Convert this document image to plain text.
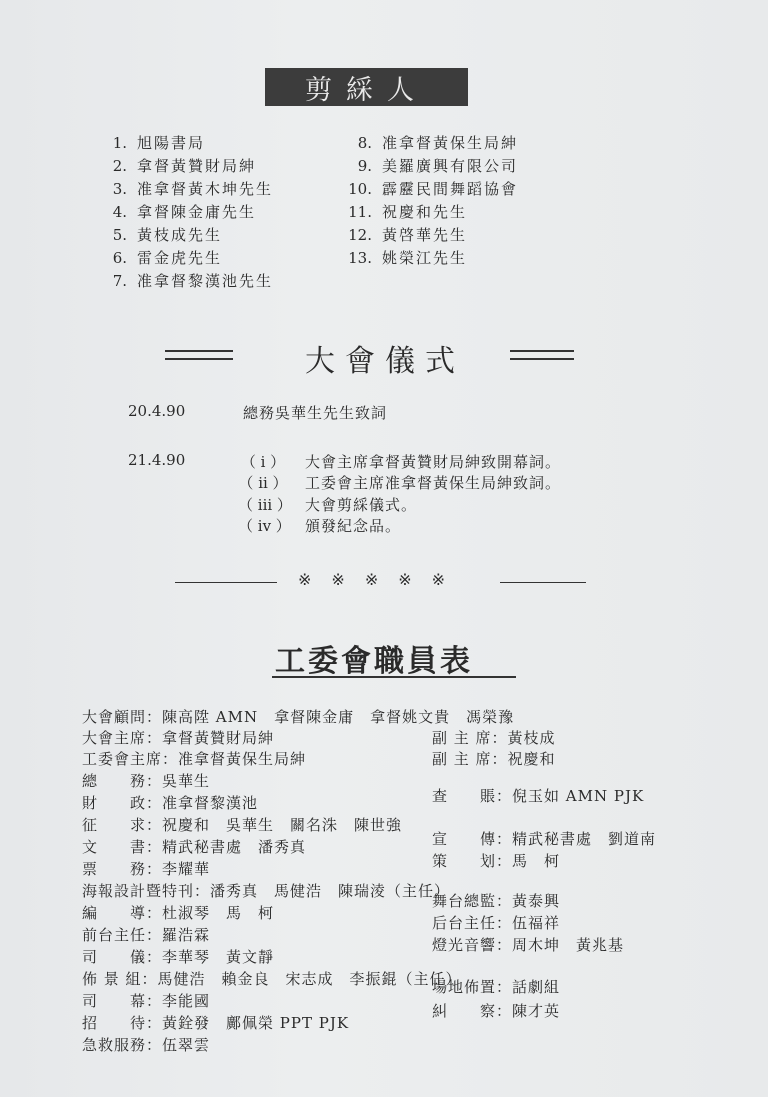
剪綵人
1. 旭陽書局
2. 拿督黃贊財局紳
3. 准拿督黃木坤先生
4. 拿督陳金庸先生
5. 黃枝成先生
6. 雷金虎先生
7. 准拿督黎漢池先生
8. 准拿督黃保生局紳
9. 美羅廣興有限公司
10. 霹靂民間舞蹈協會
11. 祝慶和先生
12. 黃啓華先生
13. 姚榮江先生
大會儀式
20.4.90	總務吳華生先生致詞
21.4.90	（ i ） 大會主席拿督黃贊財局紳致開幕詞。
（ ii ） 工委會主席准拿督黃保生局紳致詞。
（ iii ） 大會剪綵儀式。
（ iv ） 頒發紀念品。
※※※※※
工委會職員表
大會顧問：陳高陞 AMN　拿督陳金庸　拿督姚文貴　馮榮豫
大會主席：拿督黃贊財局紳
工委會主席：准拿督黃保生局紳
總　　務：吳華生
財　　政：准拿督黎漢池
征　　求：祝慶和　吳華生　關名洙　陳世強
文　　書：精武秘書處　潘秀真
票　　務：李耀華
海報設計暨特刊：潘秀真　馬健浩　陳瑞淩（主任）
編　　導：杜淑琴　馬　柯
前台主任：羅浩霖
司　　儀：李華琴　黃文靜
佈 景 組：馬健浩　賴金良　宋志成　李振錕（主任）
司　　幕：李能國
招　　待：黃銓發　鄺佩榮 PPT PJK
急救服務：伍翠雲
副 主 席：黃枝成
副 主 席：祝慶和
查　　賬：倪玉如 AMN PJK
宣　　傳：精武秘書處　劉道南
策　　划：馬　柯
舞台總監：黃泰興
后台主任：伍福祥
燈光音響：周木坤　黃兆基
場地佈置：話劇組
糾　　察：陳才英
